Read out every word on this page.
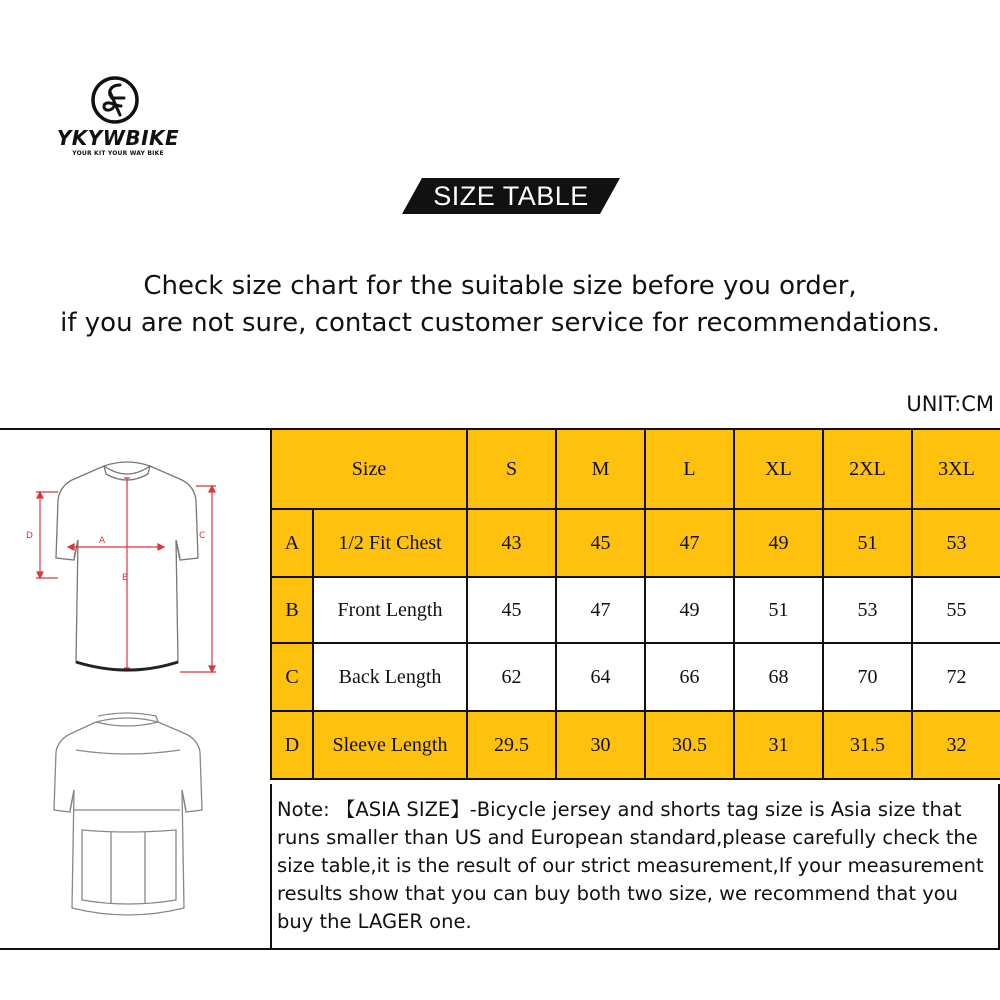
YKYWBIKE
YOUR KIT YOUR WAY BIKE
SIZE TABLE
Check size chart for the suitable size before you order,
if you are not sure, contact customer service for recommendations.
UNIT:CM
A
B
C
D
Size		S	M	L	XL	2XL	3XL
A	1/2 Fit Chest	43	45	47	49	51	53
B	Front Length	45	47	49	51	53	55
C	Back Length	62	64	66	68	70	72
D	Sleeve Length	29.5	30	30.5	31	31.5	32
Note: 【ASIA SIZE】-Bicycle jersey and shorts tag size is Asia size that
runs smaller than US and European standard,please carefully check the
size table,it is the result of our strict measurement,If your measurement
results show that you can buy both two size, we recommend that you
buy the LAGER one.
